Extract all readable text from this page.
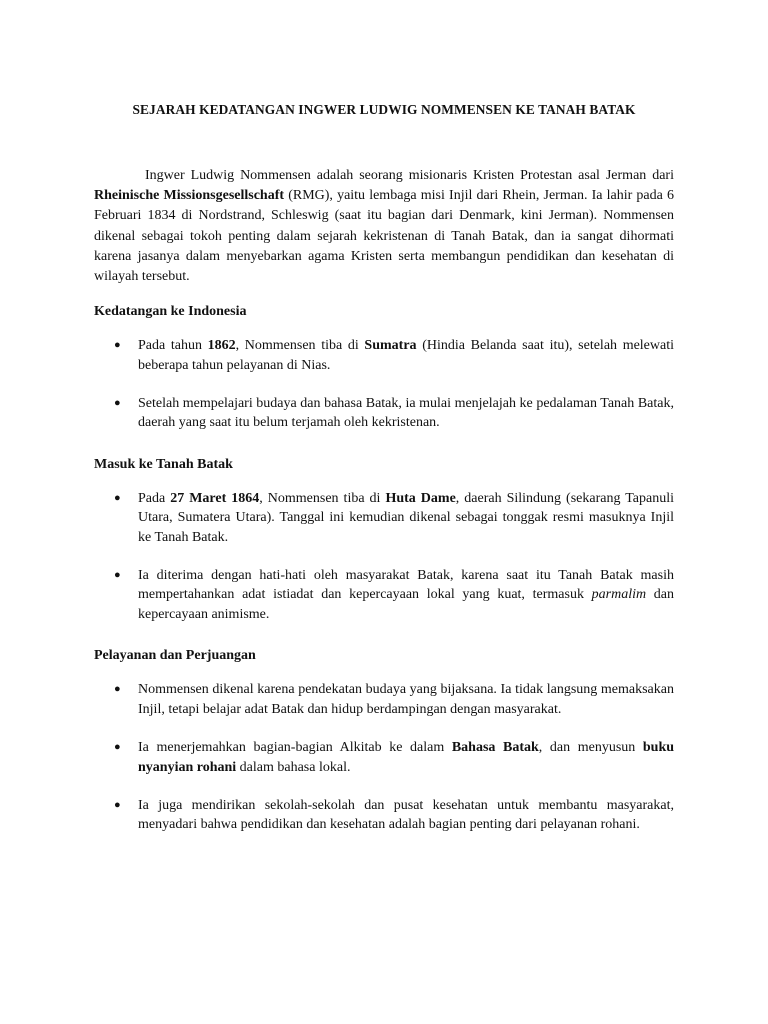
SEJARAH KEDATANGAN INGWER LUDWIG NOMMENSEN KE TANAH BATAK

Ingwer Ludwig Nommensen adalah seorang misionaris Kristen Protestan asal Jerman dari Rheinische Missionsgesellschaft (RMG), yaitu lembaga misi Injil dari Rhein, Jerman. Ia lahir pada 6 Februari 1834 di Nordstrand, Schleswig (saat itu bagian dari Denmark, kini Jerman). Nommensen dikenal sebagai tokoh penting dalam sejarah kekristenan di Tanah Batak, dan ia sangat dihormati karena jasanya dalam menyebarkan agama Kristen serta membangun pendidikan dan kesehatan di wilayah tersebut.

Kedatangan ke Indonesia
● Pada tahun 1862, Nommensen tiba di Sumatra (Hindia Belanda saat itu), setelah melewati beberapa tahun pelayanan di Nias.
● Setelah mempelajari budaya dan bahasa Batak, ia mulai menjelajah ke pedalaman Tanah Batak, daerah yang saat itu belum terjamah oleh kekristenan.
Masuk ke Tanah Batak
● Pada 27 Maret 1864, Nommensen tiba di Huta Dame, daerah Silindung (sekarang Tapanuli Utara, Sumatera Utara). Tanggal ini kemudian dikenal sebagai tonggak resmi masuknya Injil ke Tanah Batak.
● Ia diterima dengan hati-hati oleh masyarakat Batak, karena saat itu Tanah Batak masih mempertahankan adat istiadat dan kepercayaan lokal yang kuat, termasuk parmalim dan kepercayaan animisme.
Pelayanan dan Perjuangan
● Nommensen dikenal karena pendekatan budaya yang bijaksana. Ia tidak langsung memaksakan Injil, tetapi belajar adat Batak dan hidup berdampingan dengan masyarakat.
● Ia menerjemahkan bagian-bagian Alkitab ke dalam Bahasa Batak, dan menyusun buku nyanyian rohani dalam bahasa lokal.
● Ia juga mendirikan sekolah-sekolah dan pusat kesehatan untuk membantu masyarakat, menyadari bahwa pendidikan dan kesehatan adalah bagian penting dari pelayanan rohani.
